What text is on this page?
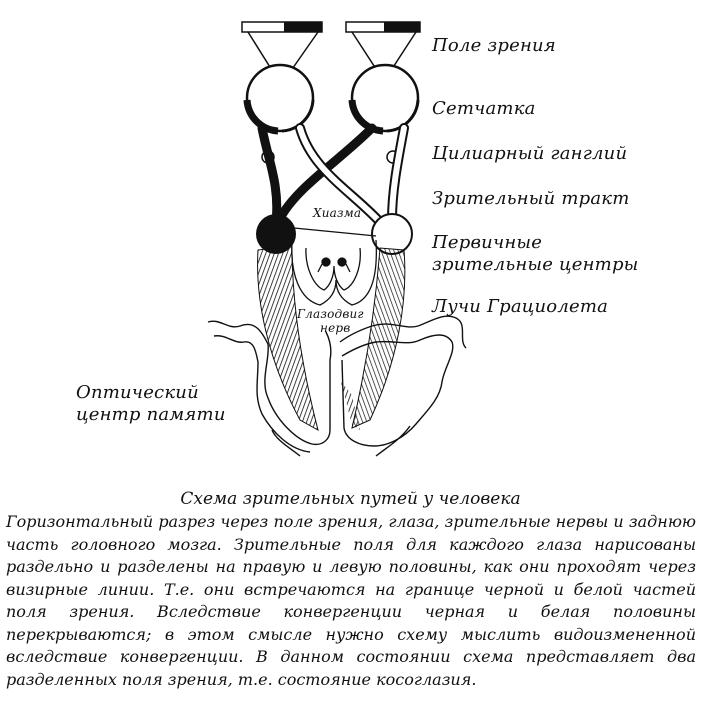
Поле зрения
Сетчатка
Цилиарный ганглий
Зрительный тракт
Первичные
зрительные центры
Лучи Грациолета
Хиазма
Глазодвиг
нерв
Оптический
центр памяти
Схема зрительных путей у человека
Горизонтальный разрез через поле зрения, глаза, зрительные нервы и заднюю часть головного мозга. Зрительные поля для каждого глаза нарисованы раздельно и разделены на правую и левую половины, как они проходят через визирные линии. Т.е. они встречаются на границе черной и белой частей поля зрения. Вследствие конвергенции черная и белая половины перекрываются; в этом смысле нужно схему мыслить видоизмененной вследствие конвергенции. В данном состоянии схема представляет два разделенных поля зрения, т.е. состояние косоглазия.
